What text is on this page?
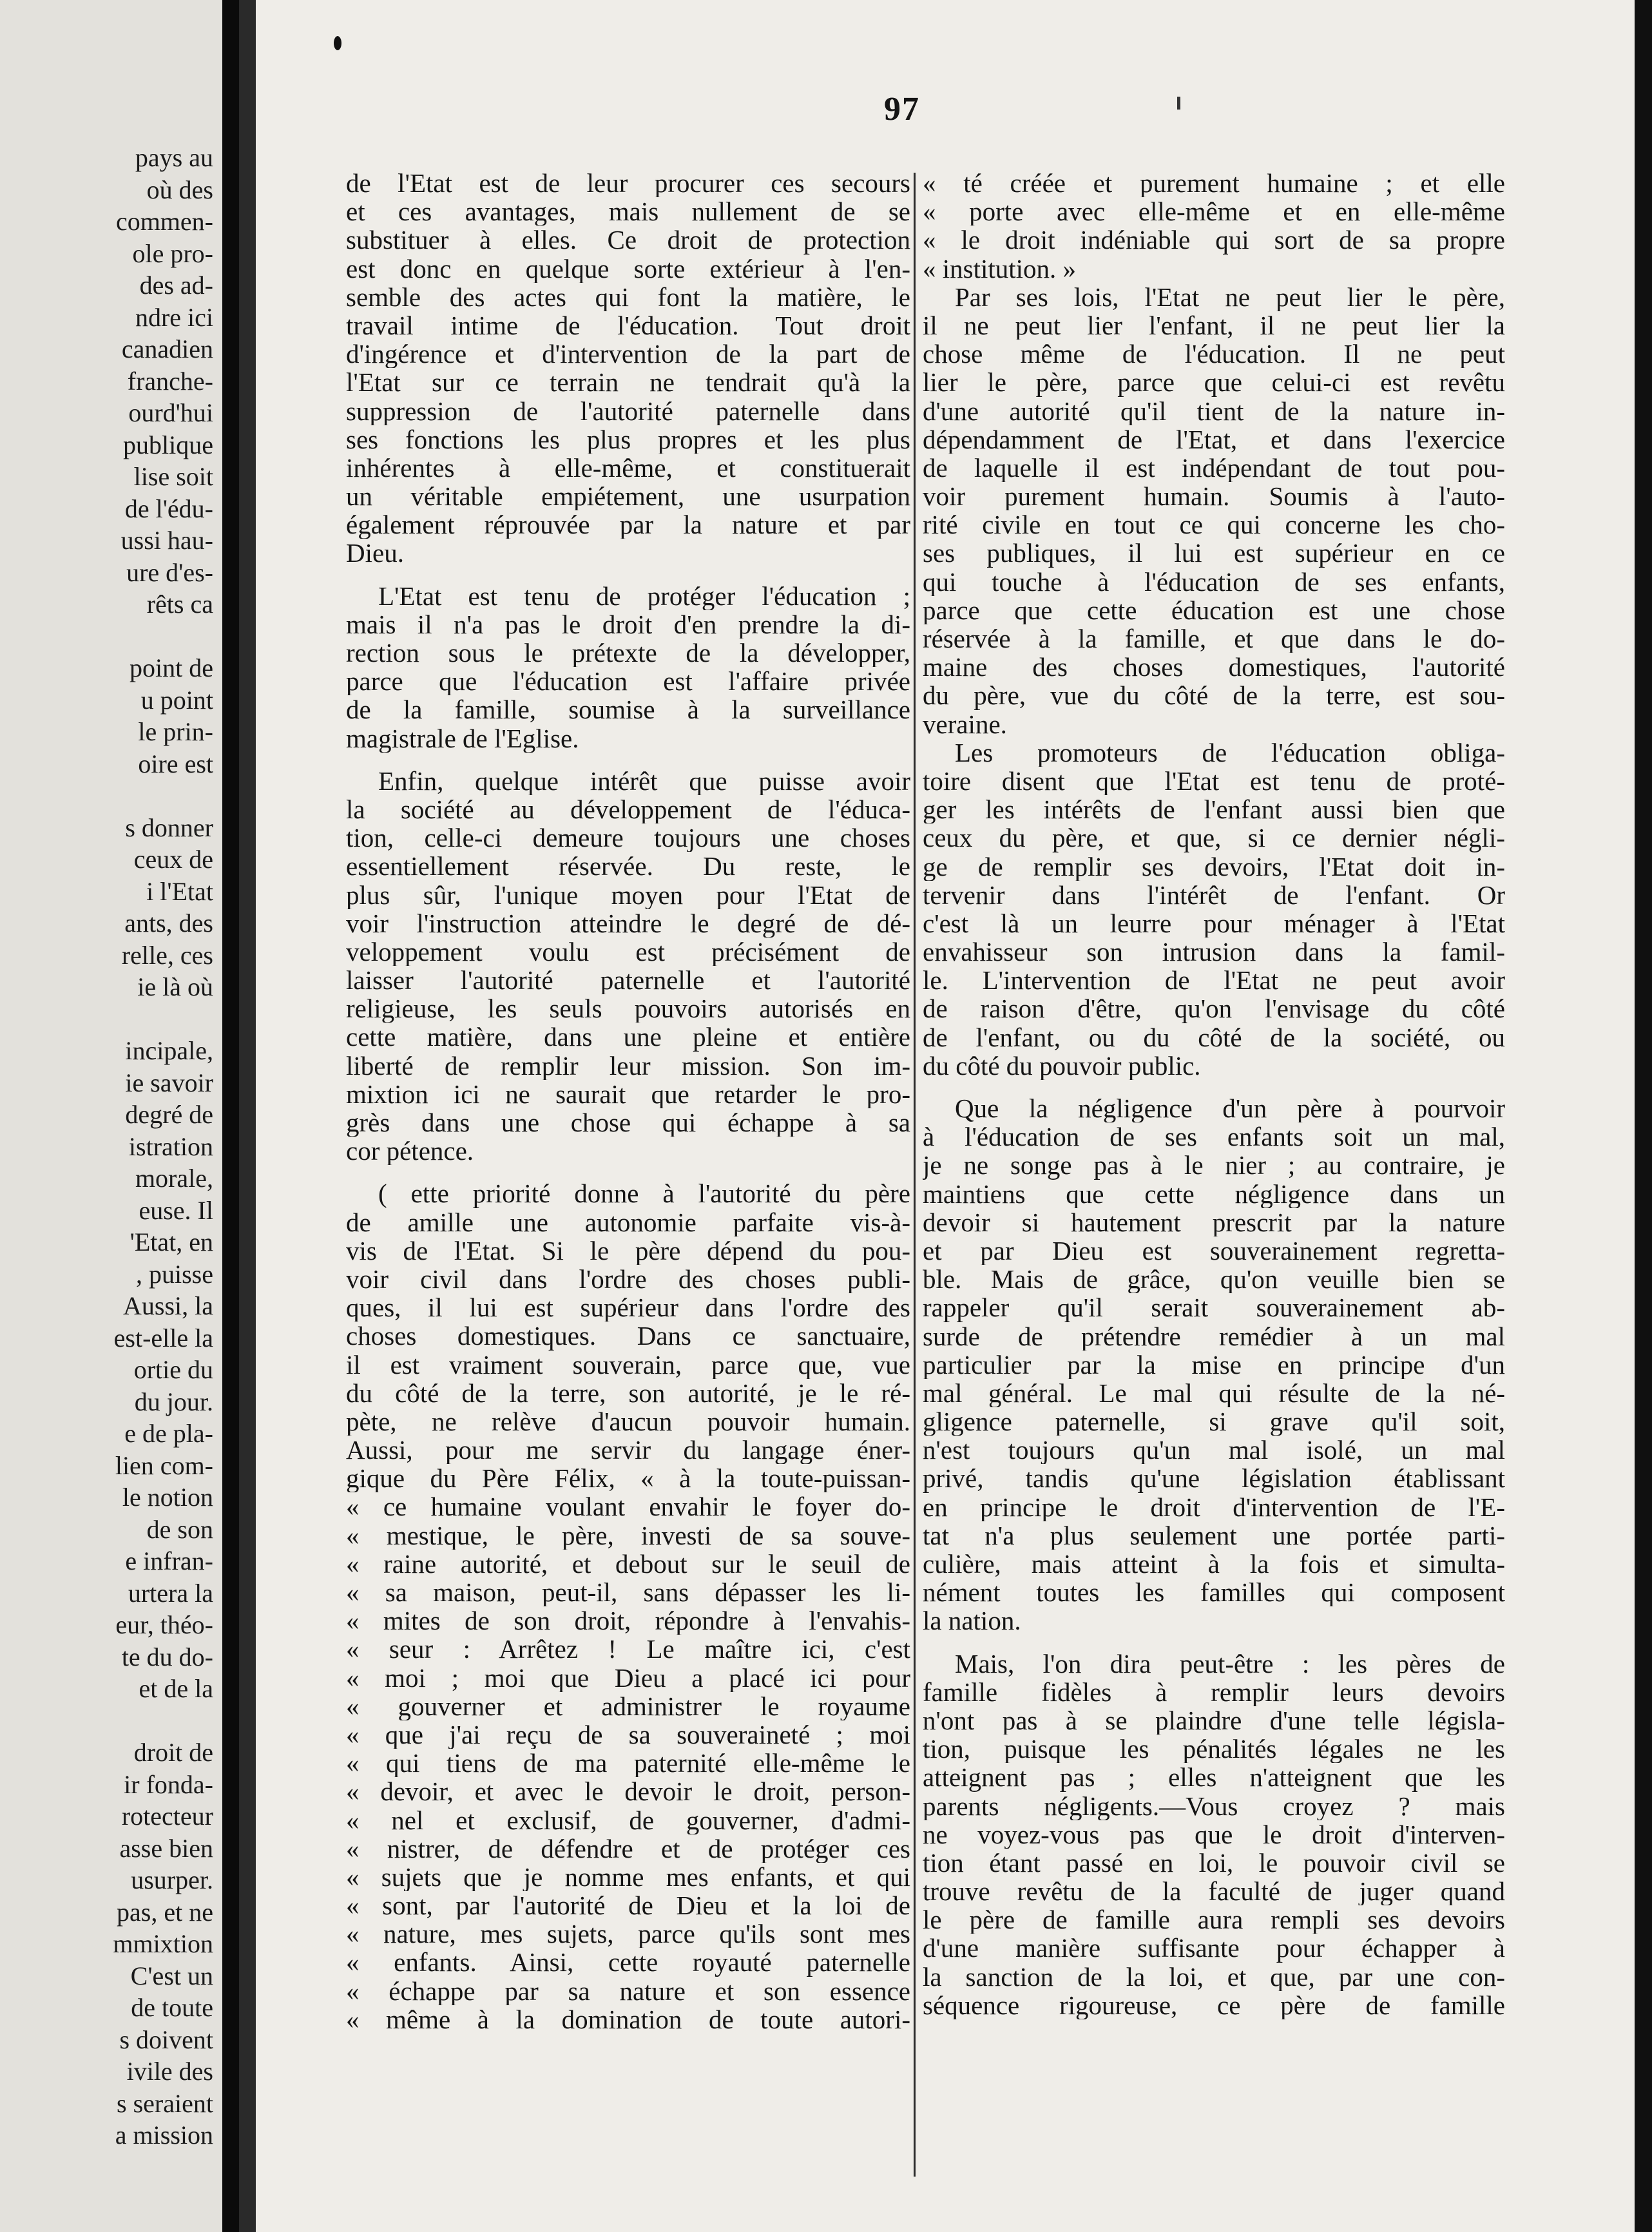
pays au
où des
commen-
ole pro-
des ad-
ndre ici
canadien
franche-
ourd'hui
publique
lise soit
de l'édu-
ussi hau-
ure d'es-
rêts ca
point de
u point
le prin-
oire est
s donner
ceux de
i l'Etat
ants, des
relle, ces
ie là où
incipale,
ie savoir
degré de
istration
morale,
euse. Il
'Etat, en
, puisse
Aussi, la
est-elle la
ortie du
du jour.
e de pla-
lien com-
le notion
de son
e infran-
urtera la
eur, théo-
te du do-
et de la
droit de
ir fonda-
rotecteur
asse bien
usurper.
pas, et ne
mmixtion
C'est un
de toute
s doivent
ivile des
s seraient
a mission
97
de l'Etat est de leur procurer ces secours
et ces avantages, mais nullement de se
substituer à elles. Ce droit de protection
est donc en quelque sorte extérieur à l'en-
semble des actes qui font la matière, le
travail intime de l'éducation. Tout droit
d'ingérence et d'intervention de la part de
l'Etat sur ce terrain ne tendrait qu'à la
suppression de l'autorité paternelle dans
ses fonctions les plus propres et les plus
inhérentes à elle-même, et constituerait
un véritable empiétement, une usurpation
également réprouvée par la nature et par
Dieu.
L'Etat est tenu de protéger l'éducation ;
mais il n'a pas le droit d'en prendre la di-
rection sous le prétexte de la développer,
parce que l'éducation est l'affaire privée
de la famille, soumise à la surveillance
magistrale de l'Eglise.
Enfin, quelque intérêt que puisse avoir
la société au développement de l'éduca-
tion, celle-ci demeure toujours une choses
essentiellement réservée. Du reste, le
plus sûr, l'unique moyen pour l'Etat de
voir l'instruction atteindre le degré de dé-
veloppement voulu est précisément de
laisser l'autorité paternelle et l'autorité
religieuse, les seuls pouvoirs autorisés en
cette matière, dans une pleine et entière
liberté de remplir leur mission. Son im-
mixtion ici ne saurait que retarder le pro-
grès dans une chose qui échappe à sa
cor pétence.
( ette priorité donne à l'autorité du père
de amille une autonomie parfaite vis-à-
vis de l'Etat. Si le père dépend du pou-
voir civil dans l'ordre des choses publi-
ques, il lui est supérieur dans l'ordre des
choses domestiques. Dans ce sanctuaire,
il est vraiment souverain, parce que, vue
du côté de la terre, son autorité, je le ré-
pète, ne relève d'aucun pouvoir humain.
Aussi, pour me servir du langage éner-
gique du Père Félix, « à la toute-puissan-
« ce humaine voulant envahir le foyer do-
« mestique, le père, investi de sa souve-
« raine autorité, et debout sur le seuil de
« sa maison, peut-il, sans dépasser les li-
« mites de son droit, répondre à l'envahis-
« seur : Arrêtez ! Le maître ici, c'est
« moi ; moi que Dieu a placé ici pour
« gouverner et administrer le royaume
« que j'ai reçu de sa souveraineté ; moi
« qui tiens de ma paternité elle-même le
« devoir, et avec le devoir le droit, person-
« nel et exclusif, de gouverner, d'admi-
« nistrer, de défendre et de protéger ces
« sujets que je nomme mes enfants, et qui
« sont, par l'autorité de Dieu et la loi de
« nature, mes sujets, parce qu'ils sont mes
« enfants. Ainsi, cette royauté paternelle
« échappe par sa nature et son essence
« même à la domination de toute autori-
« té créée et purement humaine ; et elle
« porte avec elle-même et en elle-même
« le droit indéniable qui sort de sa propre
« institution. »
Par ses lois, l'Etat ne peut lier le père,
il ne peut lier l'enfant, il ne peut lier la
chose même de l'éducation. Il ne peut
lier le père, parce que celui-ci est revêtu
d'une autorité qu'il tient de la nature in-
dépendamment de l'Etat, et dans l'exercice
de laquelle il est indépendant de tout pou-
voir purement humain. Soumis à l'auto-
rité civile en tout ce qui concerne les cho-
ses publiques, il lui est supérieur en ce
qui touche à l'éducation de ses enfants,
parce que cette éducation est une chose
réservée à la famille, et que dans le do-
maine des choses domestiques, l'autorité
du père, vue du côté de la terre, est sou-
veraine.
Les promoteurs de l'éducation obliga-
toire disent que l'Etat est tenu de proté-
ger les intérêts de l'enfant aussi bien que
ceux du père, et que, si ce dernier négli-
ge de remplir ses devoirs, l'Etat doit in-
tervenir dans l'intérêt de l'enfant. Or
c'est là un leurre pour ménager à l'Etat
envahisseur son intrusion dans la famil-
le. L'intervention de l'Etat ne peut avoir
de raison d'être, qu'on l'envisage du côté
de l'enfant, ou du côté de la société, ou
du côté du pouvoir public.
Que la négligence d'un père à pourvoir
à l'éducation de ses enfants soit un mal,
je ne songe pas à le nier ; au contraire, je
maintiens que cette négligence dans un
devoir si hautement prescrit par la nature
et par Dieu est souverainement regretta-
ble. Mais de grâce, qu'on veuille bien se
rappeler qu'il serait souverainement ab-
surde de prétendre remédier à un mal
particulier par la mise en principe d'un
mal général. Le mal qui résulte de la né-
gligence paternelle, si grave qu'il soit,
n'est toujours qu'un mal isolé, un mal
privé, tandis qu'une législation établissant
en principe le droit d'intervention de l'E-
tat n'a plus seulement une portée parti-
culière, mais atteint à la fois et simulta-
nément toutes les familles qui composent
la nation.
Mais, l'on dira peut-être : les pères de
famille fidèles à remplir leurs devoirs
n'ont pas à se plaindre d'une telle législa-
tion, puisque les pénalités légales ne les
atteignent pas ; elles n'atteignent que les
parents négligents.—Vous croyez ? mais
ne voyez-vous pas que le droit d'interven-
tion étant passé en loi, le pouvoir civil se
trouve revêtu de la faculté de juger quand
le père de famille aura rempli ses devoirs
d'une manière suffisante pour échapper à
la sanction de la loi, et que, par une con-
séquence rigoureuse, ce père de famille
